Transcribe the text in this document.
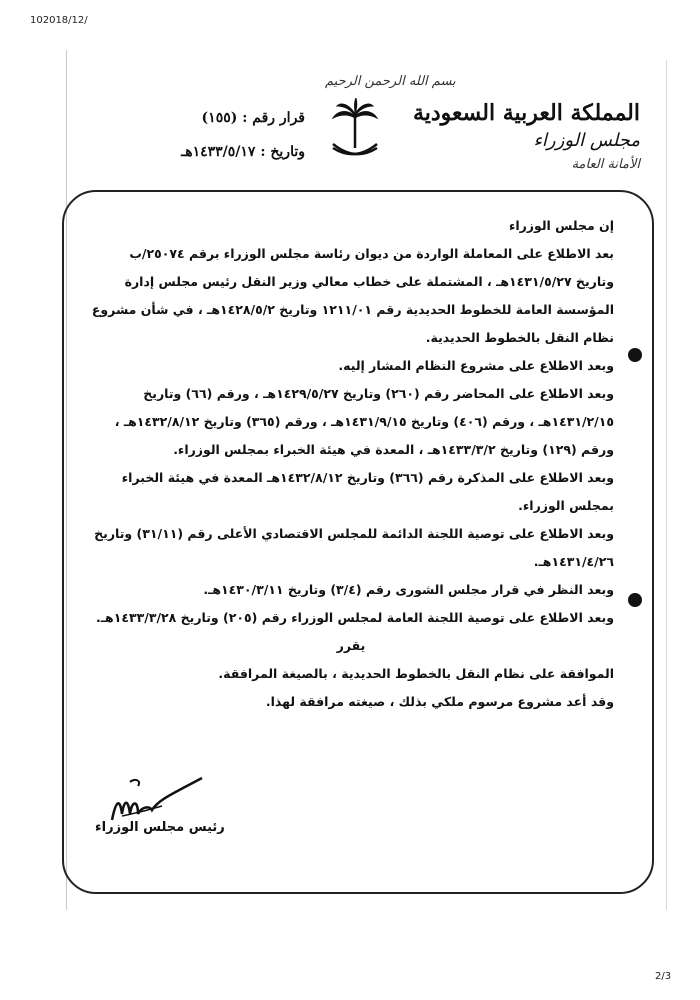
102018/12/
بسم الله الرحمن الرحيم
المملكة العربية السعودية
مجلس الوزراء
الأمانة العامة
قرار رقم : (١٥٥)
وتاريخ : ١٤٣٣/٥/١٧هـ

إن مجلس الوزراء

بعد الاطلاع على المعاملة الواردة من ديوان رئاسة مجلس الوزراء برقم ٢٥٠٧٤/ب وتاريخ ١٤٣١/٥/٢٧هـ ، المشتملة على خطاب معالي وزير النقل رئيس مجلس إدارة المؤسسة العامة للخطوط الحديدية رقم ١٢١١/٠١ وتاريخ ١٤٢٨/٥/٢هـ ، في شأن مشروع نظام النقل بالخطوط الحديدية.

وبعد الاطلاع على مشروع النظام المشار إليه.

وبعد الاطلاع على المحاضر رقم (٢٦٠) وتاريخ ١٤٢٩/٥/٢٧هـ ، ورقم (٦٦) وتاريخ ١٤٣١/٢/١٥هـ ، ورقم (٤٠٦) وتاريخ ١٤٣١/٩/١٥هـ ، ورقم (٣٦٥) وتاريخ ١٤٣٢/٨/١٢هـ ، ورقم (١٢٩) وتاريخ ١٤٣٣/٣/٢هـ ، المعدة في هيئة الخبراء بمجلس الوزراء.

وبعد الاطلاع على المذكرة رقم (٣٦٦) وتاريخ ١٤٣٢/٨/١٢هـ المعدة في هيئة الخبراء بمجلس الوزراء.

وبعد الاطلاع على توصية اللجنة الدائمة للمجلس الاقتصادي الأعلى رقم (٣١/١١) وتاريخ ١٤٣١/٤/٢٦هـ.

وبعد النظر في قرار مجلس الشورى رقم (٣/٤) وتاريخ ١٤٣٠/٣/١١هـ.

وبعد الاطلاع على توصية اللجنة العامة لمجلس الوزراء رقم (٢٠٥) وتاريخ ١٤٣٣/٣/٢٨هـ.

يقرر

الموافقة على نظام النقل بالخطوط الحديدية ، بالصيغة المرافقة.

وقد أعد مشروع مرسوم ملكي بذلك ، صيغته مرافقة لهذا.

رئيس مجلس الوزراء
2/3
